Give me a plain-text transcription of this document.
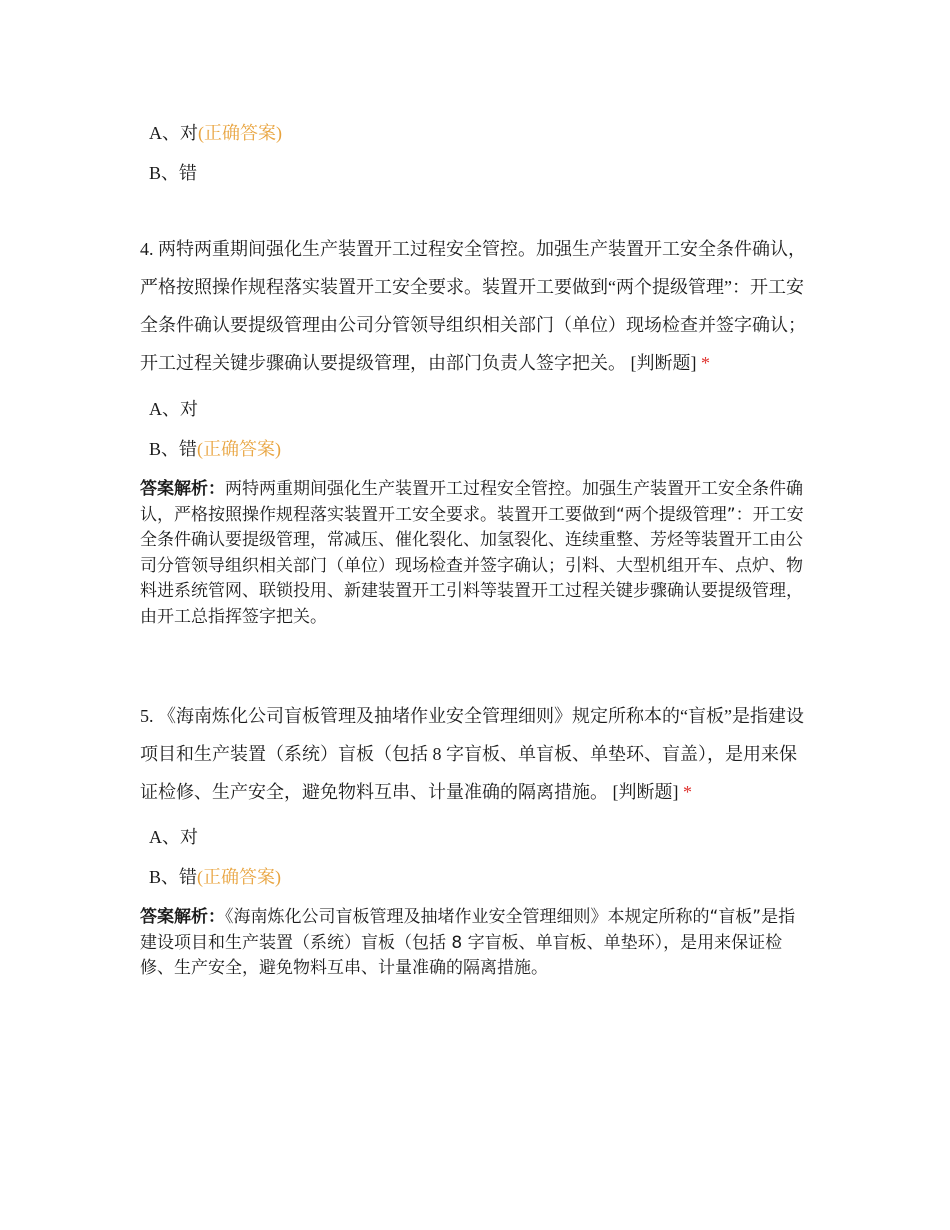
A、对(正确答案)
B、错
4. 两特两重期间强化生产装置开工过程安全管控。加强生产装置开工安全条件确认，严格按照操作规程落实装置开工安全要求。装置开工要做到“两个提级管理”：开工安全条件确认要提级管理由公司分管领导组织相关部门（单位）现场检查并签字确认；开工过程关键步骤确认要提级管理，由部门负责人签字把关。 [判断题] *
A、对
B、错(正确答案)
答案解析：两特两重期间强化生产装置开工过程安全管控。加强生产装置开工安全条件确认，严格按照操作规程落实装置开工安全要求。装置开工要做到“两个提级管理”：开工安全条件确认要提级管理，常减压、催化裂化、加氢裂化、连续重整、芳烃等装置开工由公司分管领导组织相关部门（单位）现场检查并签字确认；引料、大型机组开车、点炉、物料进系统管网、联锁投用、新建装置开工引料等装置开工过程关键步骤确认要提级管理，由开工总指挥签字把关。
5. 《海南炼化公司盲板管理及抽堵作业安全管理细则》规定所称本的“盲板”是指建设项目和生产装置（系统）盲板（包括 8 字盲板、单盲板、单垫环、盲盖），是用来保证检修、生产安全，避免物料互串、计量准确的隔离措施。 [判断题] *
A、对
B、错(正确答案)
答案解析：《海南炼化公司盲板管理及抽堵作业安全管理细则》本规定所称的“盲板”是指建设项目和生产装置（系统）盲板（包括 8 字盲板、单盲板、单垫环），是用来保证检修、生产安全，避免物料互串、计量准确的隔离措施。
